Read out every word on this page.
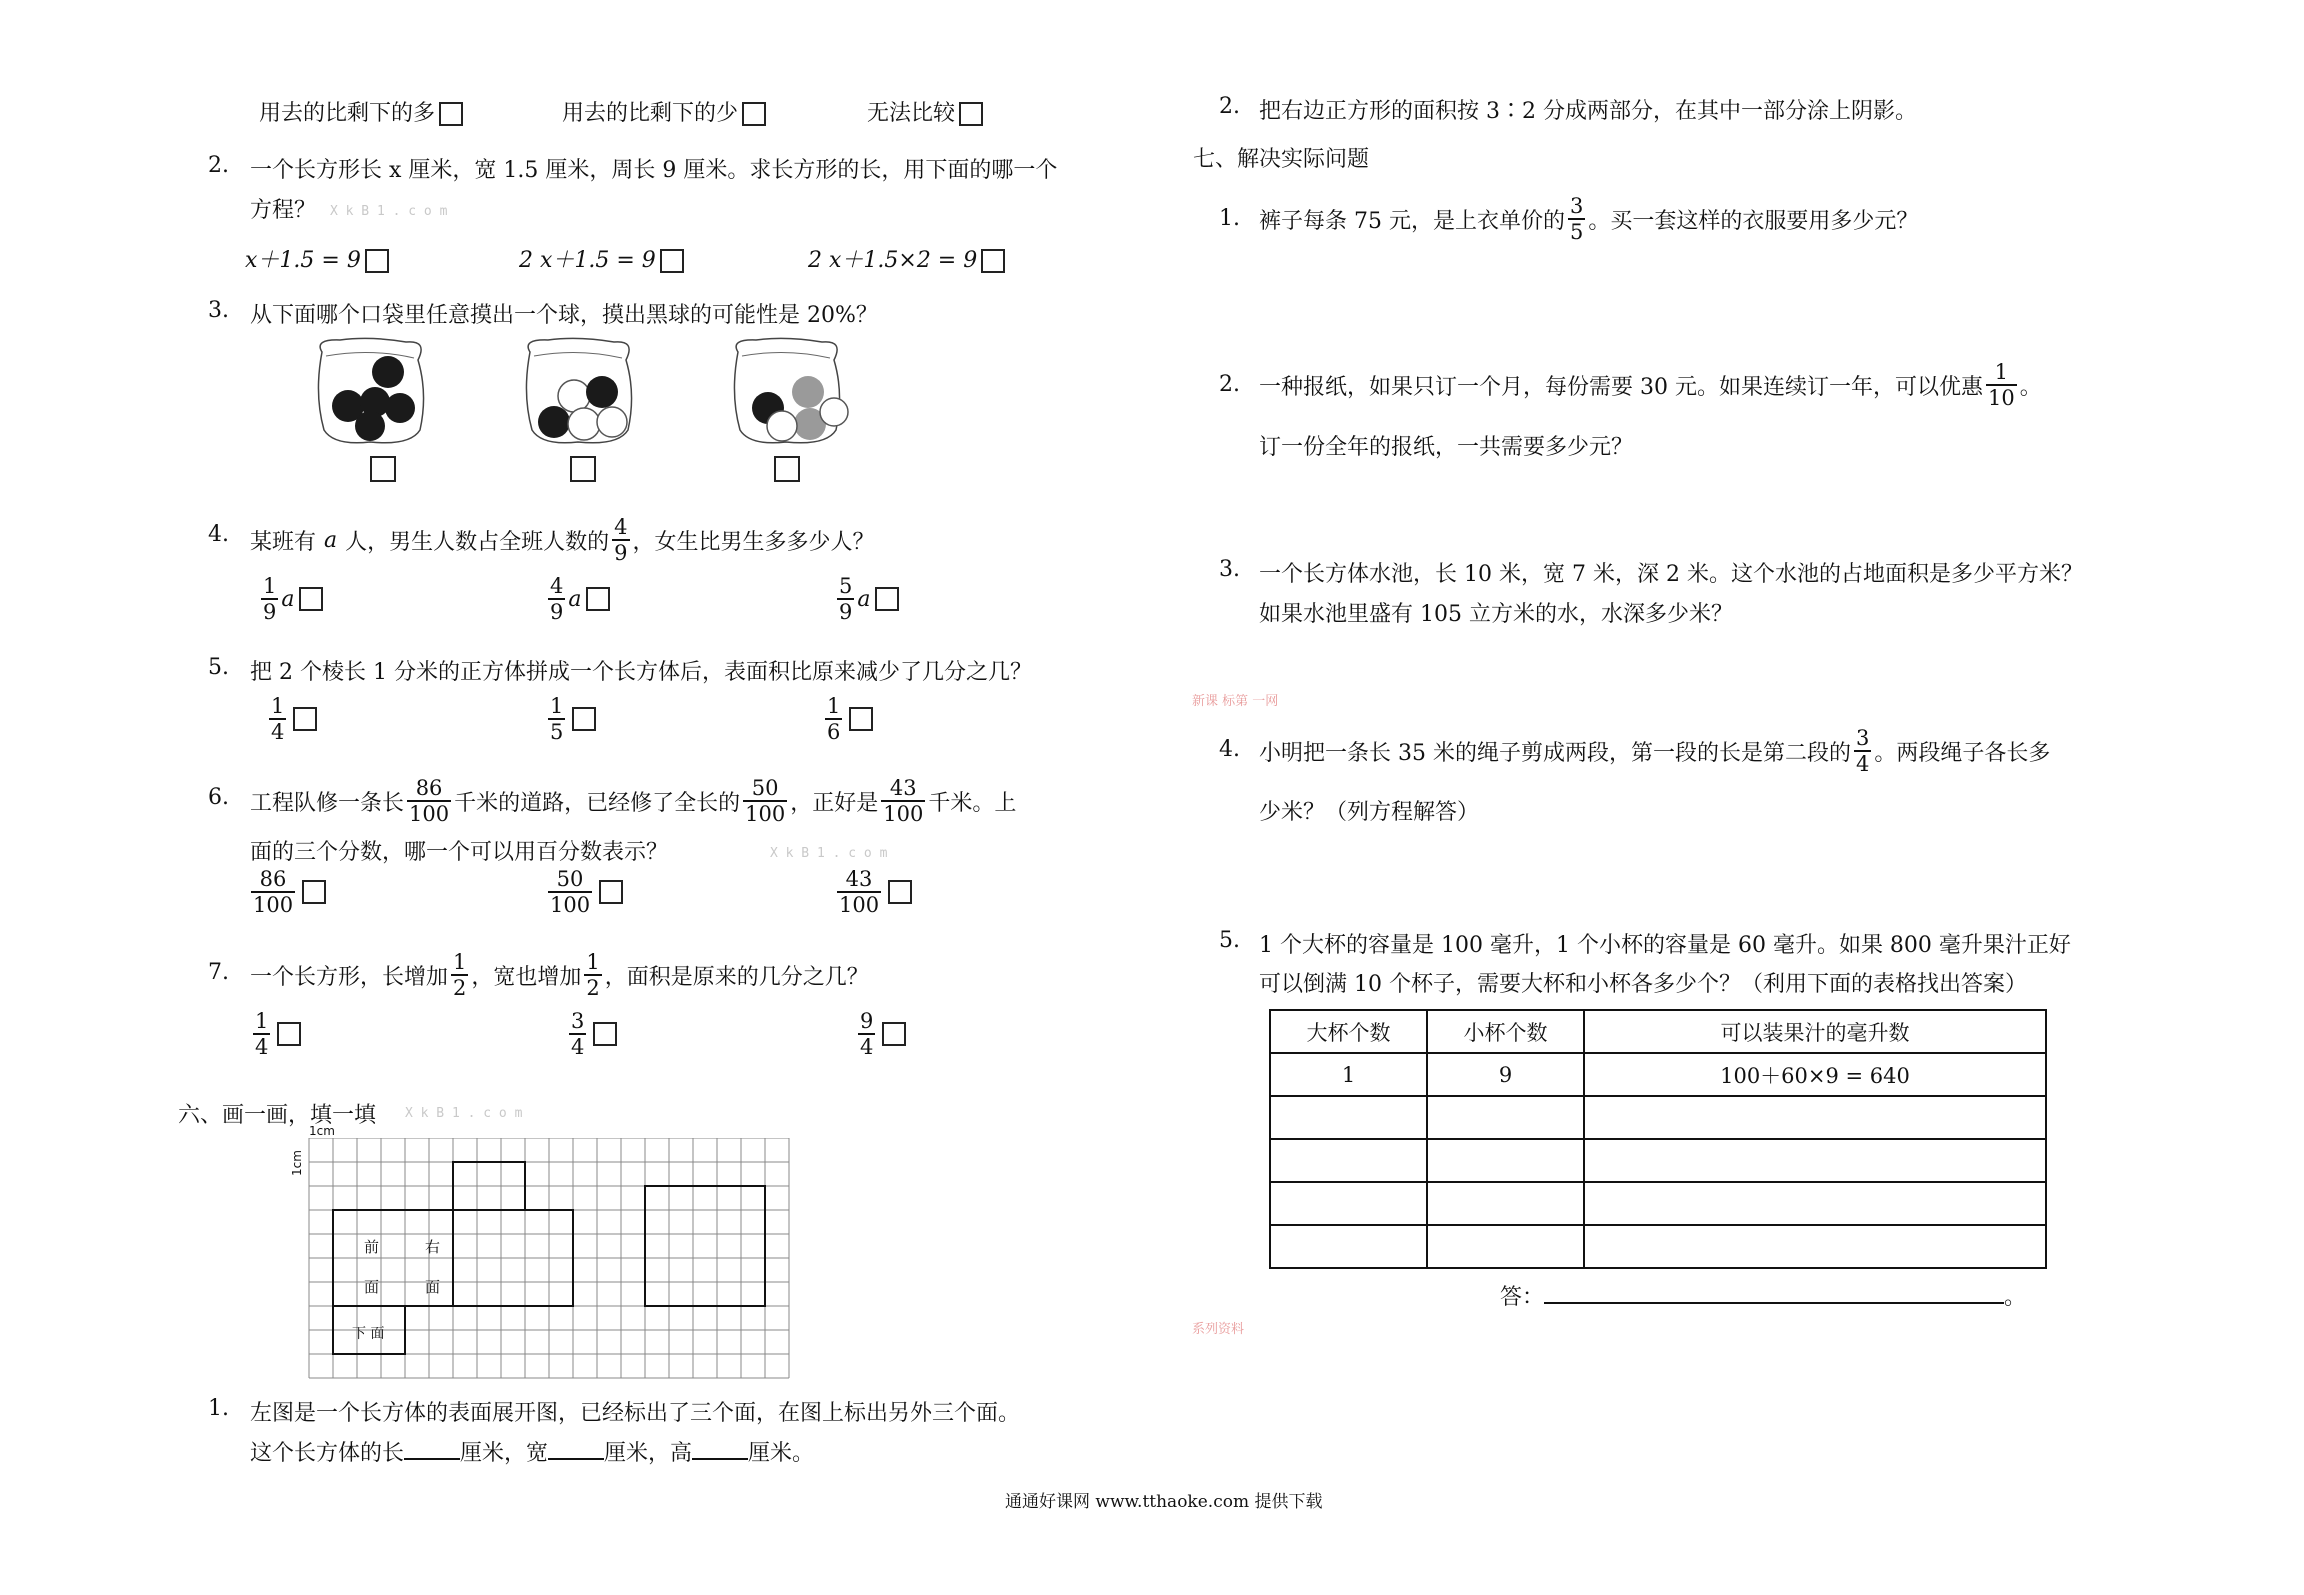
用去的比剩下的多	用去的比剩下的少	无法比较
2. 一个长方形长 x 厘米，宽 1.5 厘米，周长 9 厘米。求长方形的长，用下面的哪一个
方程？ X k B 1 . c o m
x＋1.5 = 9	2 x＋1.5 = 9	2 x＋1.5×2 = 9
3. 从下面哪个口袋里任意摸出一个球，摸出黑球的可能性是 20%？
4. 某班有 a 人，男生人数占全班人数的 $\frac{4}{9}$ ，女生比男生多多少人？
$\frac{1}{9}$ a	$\frac{4}{9}$ a	$\frac{5}{9}$ a
5. 把 2 个棱长 1 分米的正方体拼成一个长方体后，表面积比原来减少了几分之几？
$\frac{1}{4}$	$\frac{1}{5}$	$\frac{1}{6}$
6. 工程队修一条长 $\frac{86}{100}$ 千米的道路，已经修了全长的 $\frac{50}{100}$ ，正好是 $\frac{43}{100}$ 千米。上
面的三个分数，哪一个可以用百分数表示？	X k B 1 . c o m
$\frac{86}{100}$	$\frac{50}{100}$	$\frac{43}{100}$
7. 一个长方形，长增加 $\frac{1}{2}$ ，宽也增加 $\frac{1}{2}$ ，面积是原来的几分之几？
$\frac{1}{4}$	$\frac{3}{4}$	$\frac{9}{4}$
六、画一画，填一填 X k B 1 . c o m
1cm
1cm
前	右
面	面
下 面
1. 左图是一个长方体的表面展开图，已经标出了三个面，在图上标出另外三个面。
这个长方体的长	厘米，宽	厘米，高	厘米。
2. 把右边正方形的面积按 3∶2 分成两部分，在其中一部分涂上阴影。
七、解决实际问题
1. 裤子每条 75 元，是上衣单价的 $\frac{3}{5}$ 。买一套这样的衣服要用多少元？
2. 一种报纸，如果只订一个月，每份需要 30 元。如果连续订一年，可以优惠 $\frac{1}{10}$ 。
订一份全年的报纸，一共需要多少元？
3. 一个长方体水池，长 10 米，宽 7 米，深 2 米。这个水池的占地面积是多少平方米？
如果水池里盛有 105 立方米的水，水深多少米？
新课 标第 一网
4. 小明把一条长 35 米的绳子剪成两段，第一段的长是第二段的 $\frac{3}{4}$ 。两段绳子各长多
少米？（列方程解答）
5. 1 个大杯的容量是 100 毫升，1 个小杯的容量是 60 毫升。如果 800 毫升果汁正好
可以倒满 10 个杯子，需要大杯和小杯各多少个？（利用下面的表格找出答案）
大杯个数	小杯个数	可以装果汁的毫升数
1	9	100＋60×9 = 640

答：	。
系列资料
通通好课网 www.tthaoke.com 提供下载
